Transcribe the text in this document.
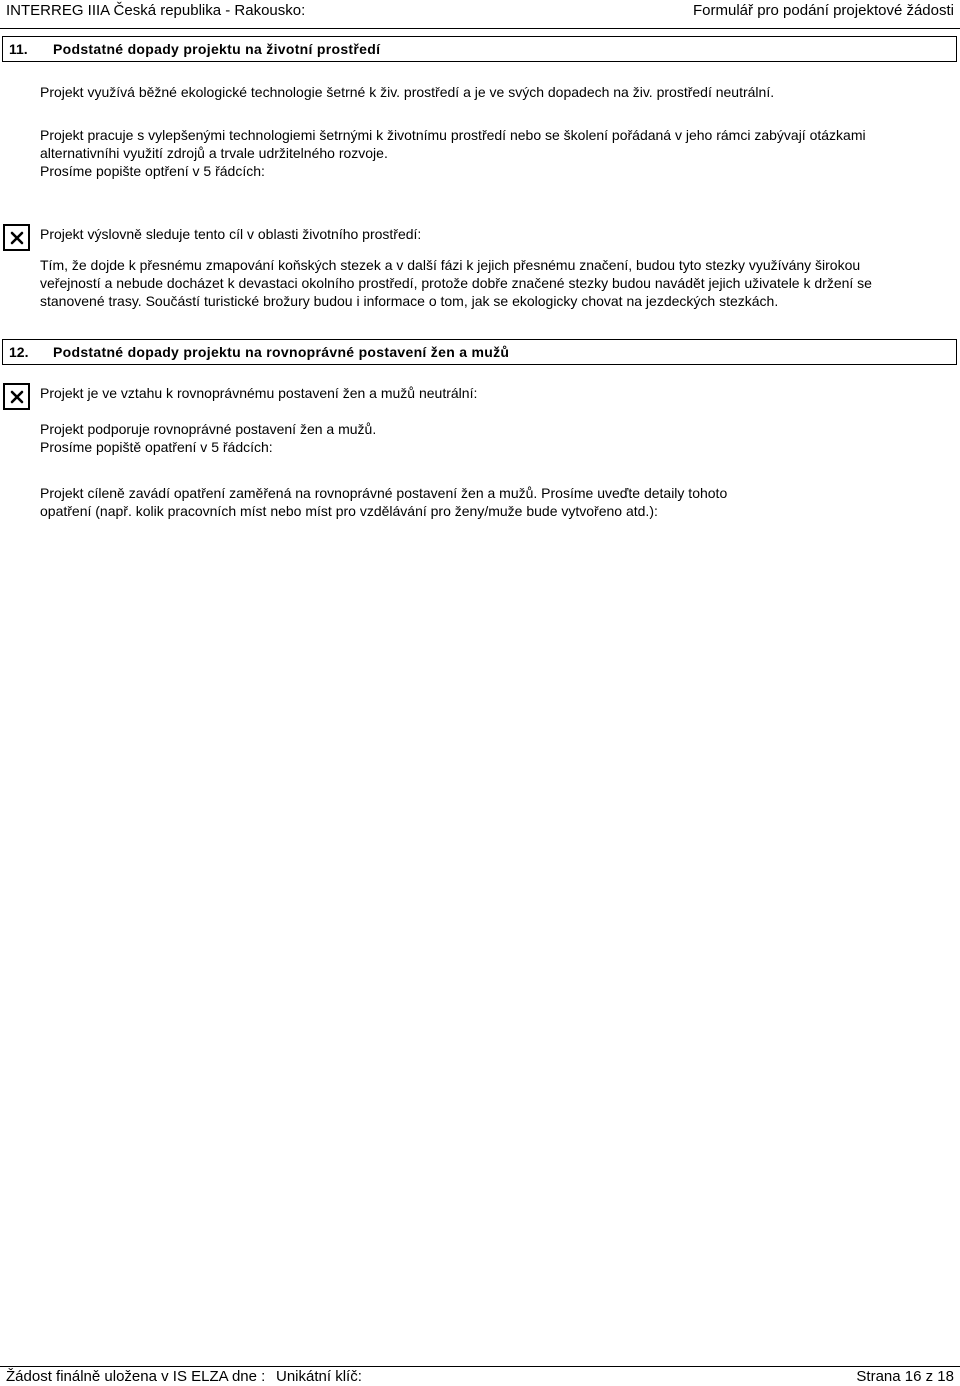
INTERREG IIIA Česká republika - Rakousko:	Formulář pro podání projektové žádosti
11. Podstatné dopady projektu na životní prostředí
Projekt využívá běžné ekologické technologie šetrné k živ. prostředí a je ve svých dopadech na živ. prostředí neutrální.
Projekt pracuje s vylepšenými technologiemi šetrnými k životnímu prostředí nebo se školení pořádaná v jeho rámci zabývají otázkami
alternativníhi využití zdrojů a trvale udržitelného rozvoje.
Prosíme popište optření v 5 řádcích:
Projekt výslovně sleduje tento cíl v oblasti životního prostředí:
Tím, že dojde k přesnému zmapování koňských stezek a v další fázi k jejich přesnému značení, budou tyto stezky využívány širokou
veřejností a nebude docházet k devastaci okolního prostředí, protože dobře značené stezky budou navádět jejich uživatele k držení se
stanovené trasy. Součástí turistické brožury budou i informace o tom, jak se ekologicky chovat na jezdeckých stezkách.
12. Podstatné dopady projektu na rovnoprávné postavení žen a mužů
Projekt je ve vztahu k rovnoprávnému postavení žen a mužů neutrální:
Projekt podporuje rovnoprávné postavení žen a mužů.
Prosíme popiště opatření v 5 řádcích:
Projekt cíleně zavádí opatření zaměřená na rovnoprávné postavení žen a mužů. Prosíme uveďte detaily tohoto
opatření (např. kolik pracovních míst nebo míst pro vzdělávání pro ženy/muže bude vytvořeno atd.):
Žádost finálně uložena v IS ELZA dne : Unikátní klíč:	Strana 16 z 18
